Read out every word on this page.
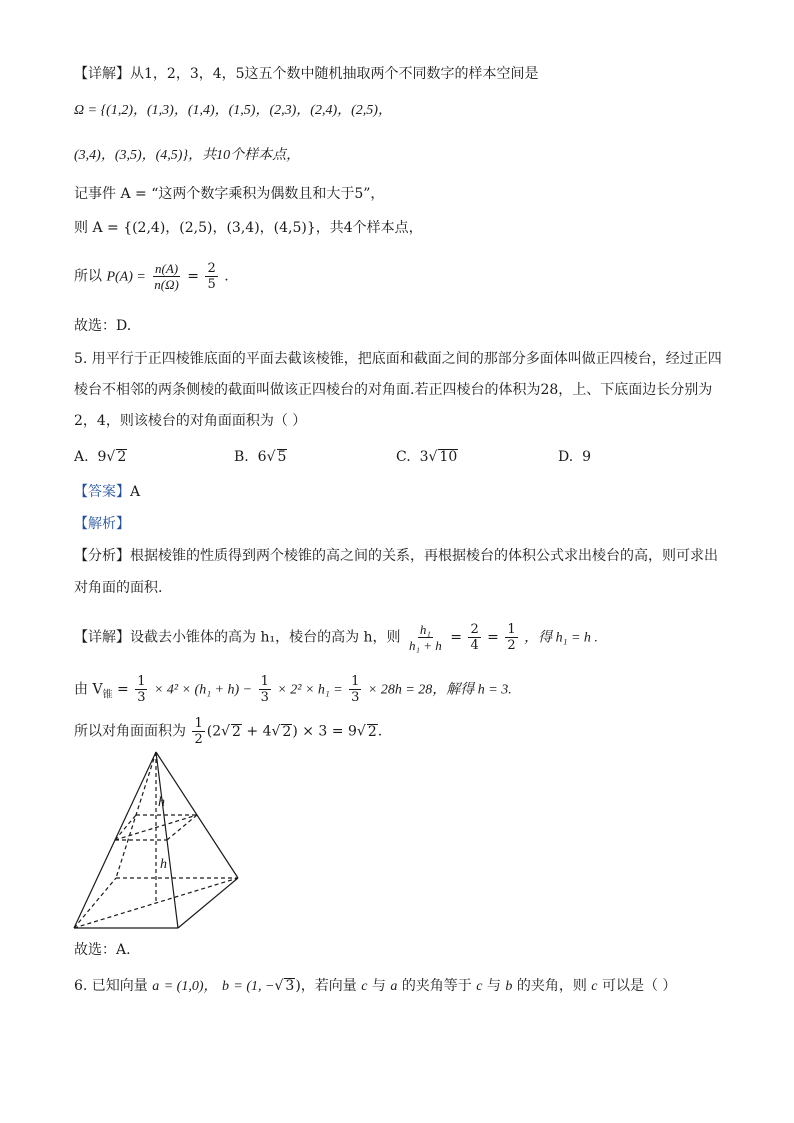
【详解】从1，2，3，4，5这五个数中随机抽取两个不同数字的样本空间是
Ω = {(1,2)，(1,3)，(1,4)，(1,5)，(2,3)，(2,4)，(2,5)，
(3,4)，(3,5)，(4,5)}，共10个样本点，
记事件 A = “这两个数字乘积为偶数且和大于5”，
则 A = {(2,4)，(2,5)，(3,4)，(4,5)}，共4个样本点，
所以 $P(A) = \frac{n(A)}{n(\Omega)} = \frac{2}{5}$ .
故选：D.
5. 用平行于正四棱锥底面的平面去截该棱锥，把底面和截面之间的那部分多面体叫做正四棱台，经过正四
棱台不相邻的两条侧棱的截面叫做该正四棱台的对角面.若正四棱台的体积为28，上、下底面边长分别为
2，4，则该棱台的对角面面积为（ ）
A. 9√ 2	B. 6√ 5	C. 3√ 10	D. 9
【答案】A
【解析】
【分析】根据棱锥的性质得到两个棱锥的高之间的关系，再根据棱台的体积公式求出棱台的高，则可求出
对角面的面积.
【详解】设截去小锥体的高为 h₁，棱台的高为 h，则 $\frac{\text{h₁}}{\text{h₁ + h}} = \frac{2}{4} = \frac{1}{2}$ ，得 h₁ = h .
由 $V_锥 = \frac{1}{3} \times 4^2 \times (h_1 + h) - \frac{1}{3} \times 2^2 \times h_1 = \frac{1}{3} \times 28h = 28$，解得 h = 3.
所以对角面面积为 $\frac{1}{2} (2√$ 2 + 4√ 2) × 3 = 9√ 2.
h
h
故选：A.
6. 已知向量 a = (1,0)， b = (1, −√ 3)，若向量 c 与 a 的夹角等于 c 与 b 的夹角，则 c 可以是（ ）
